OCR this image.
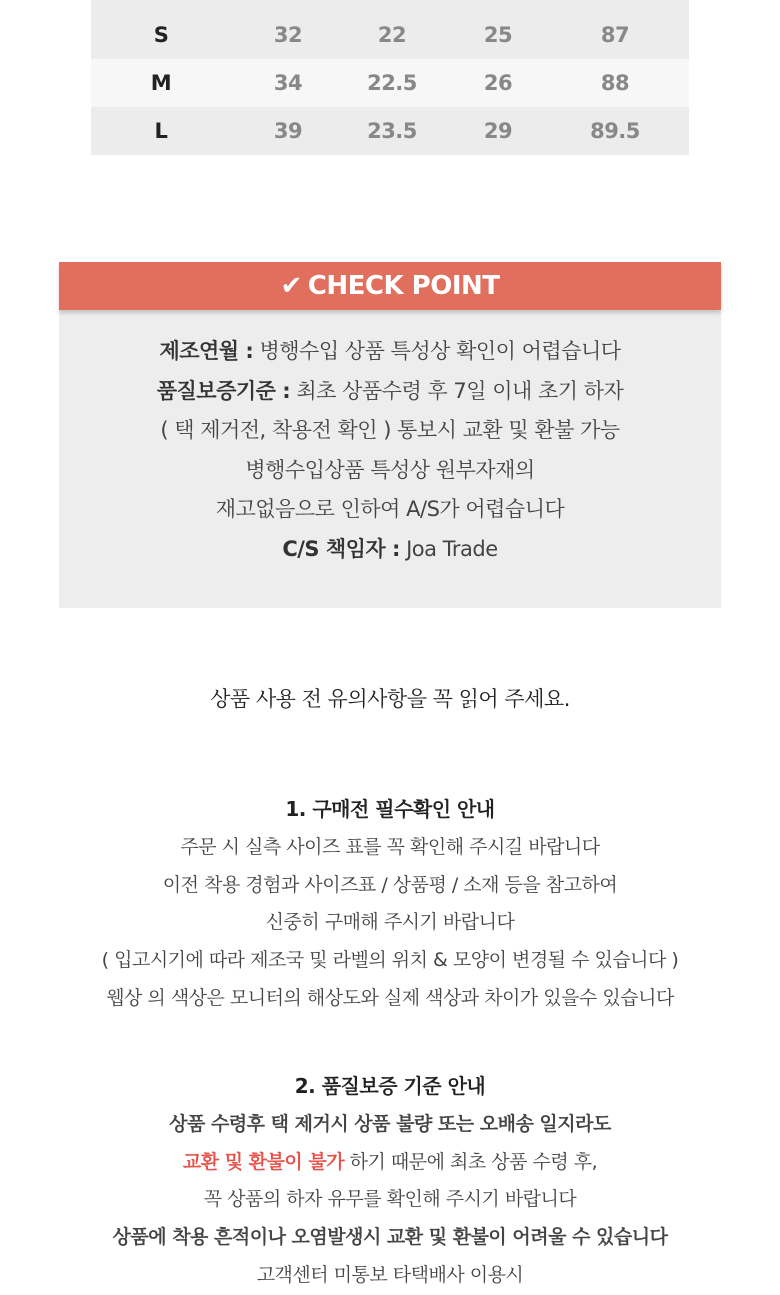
S	32	22	25	87
M	34	22.5	26	88
L	39	23.5	29	89.5
✔ CHECK POINT
제조연월 : 병행수입 상품 특성상 확인이 어렵습니다
품질보증기준 : 최초 상품수령 후 7일 이내 초기 하자
( 택 제거전, 착용전 확인 ) 통보시 교환 및 환불 가능
병행수입상품 특성상 원부자재의
재고없음으로 인하여 A/S가 어렵습니다
C/S 책임자 : Joa Trade
상품 사용 전 유의사항을 꼭 읽어 주세요.
1. 구매전 필수확인 안내
주문 시 실측 사이즈 표를 꼭 확인해 주시길 바랍니다
이전 착용 경험과 사이즈표 / 상품평 / 소재 등을 참고하여
신중히 구매해 주시기 바랍니다
( 입고시기에 따라 제조국 및 라벨의 위치 & 모양이 변경될 수 있습니다 )
웹상 의 색상은 모니터의 해상도와 실제 색상과 차이가 있을수 있습니다
2. 품질보증 기준 안내
상품 수령후 택 제거시 상품 불량 또는 오배송 일지라도
교환 및 환불이 불가 하기 때문에 최초 상품 수령 후,
꼭 상품의 하자 유무를 확인해 주시기 바랍니다
상품에 착용 흔적이나 오염발생시 교환 및 환불이 어려울 수 있습니다
고객센터 미통보 타택배사 이용시
